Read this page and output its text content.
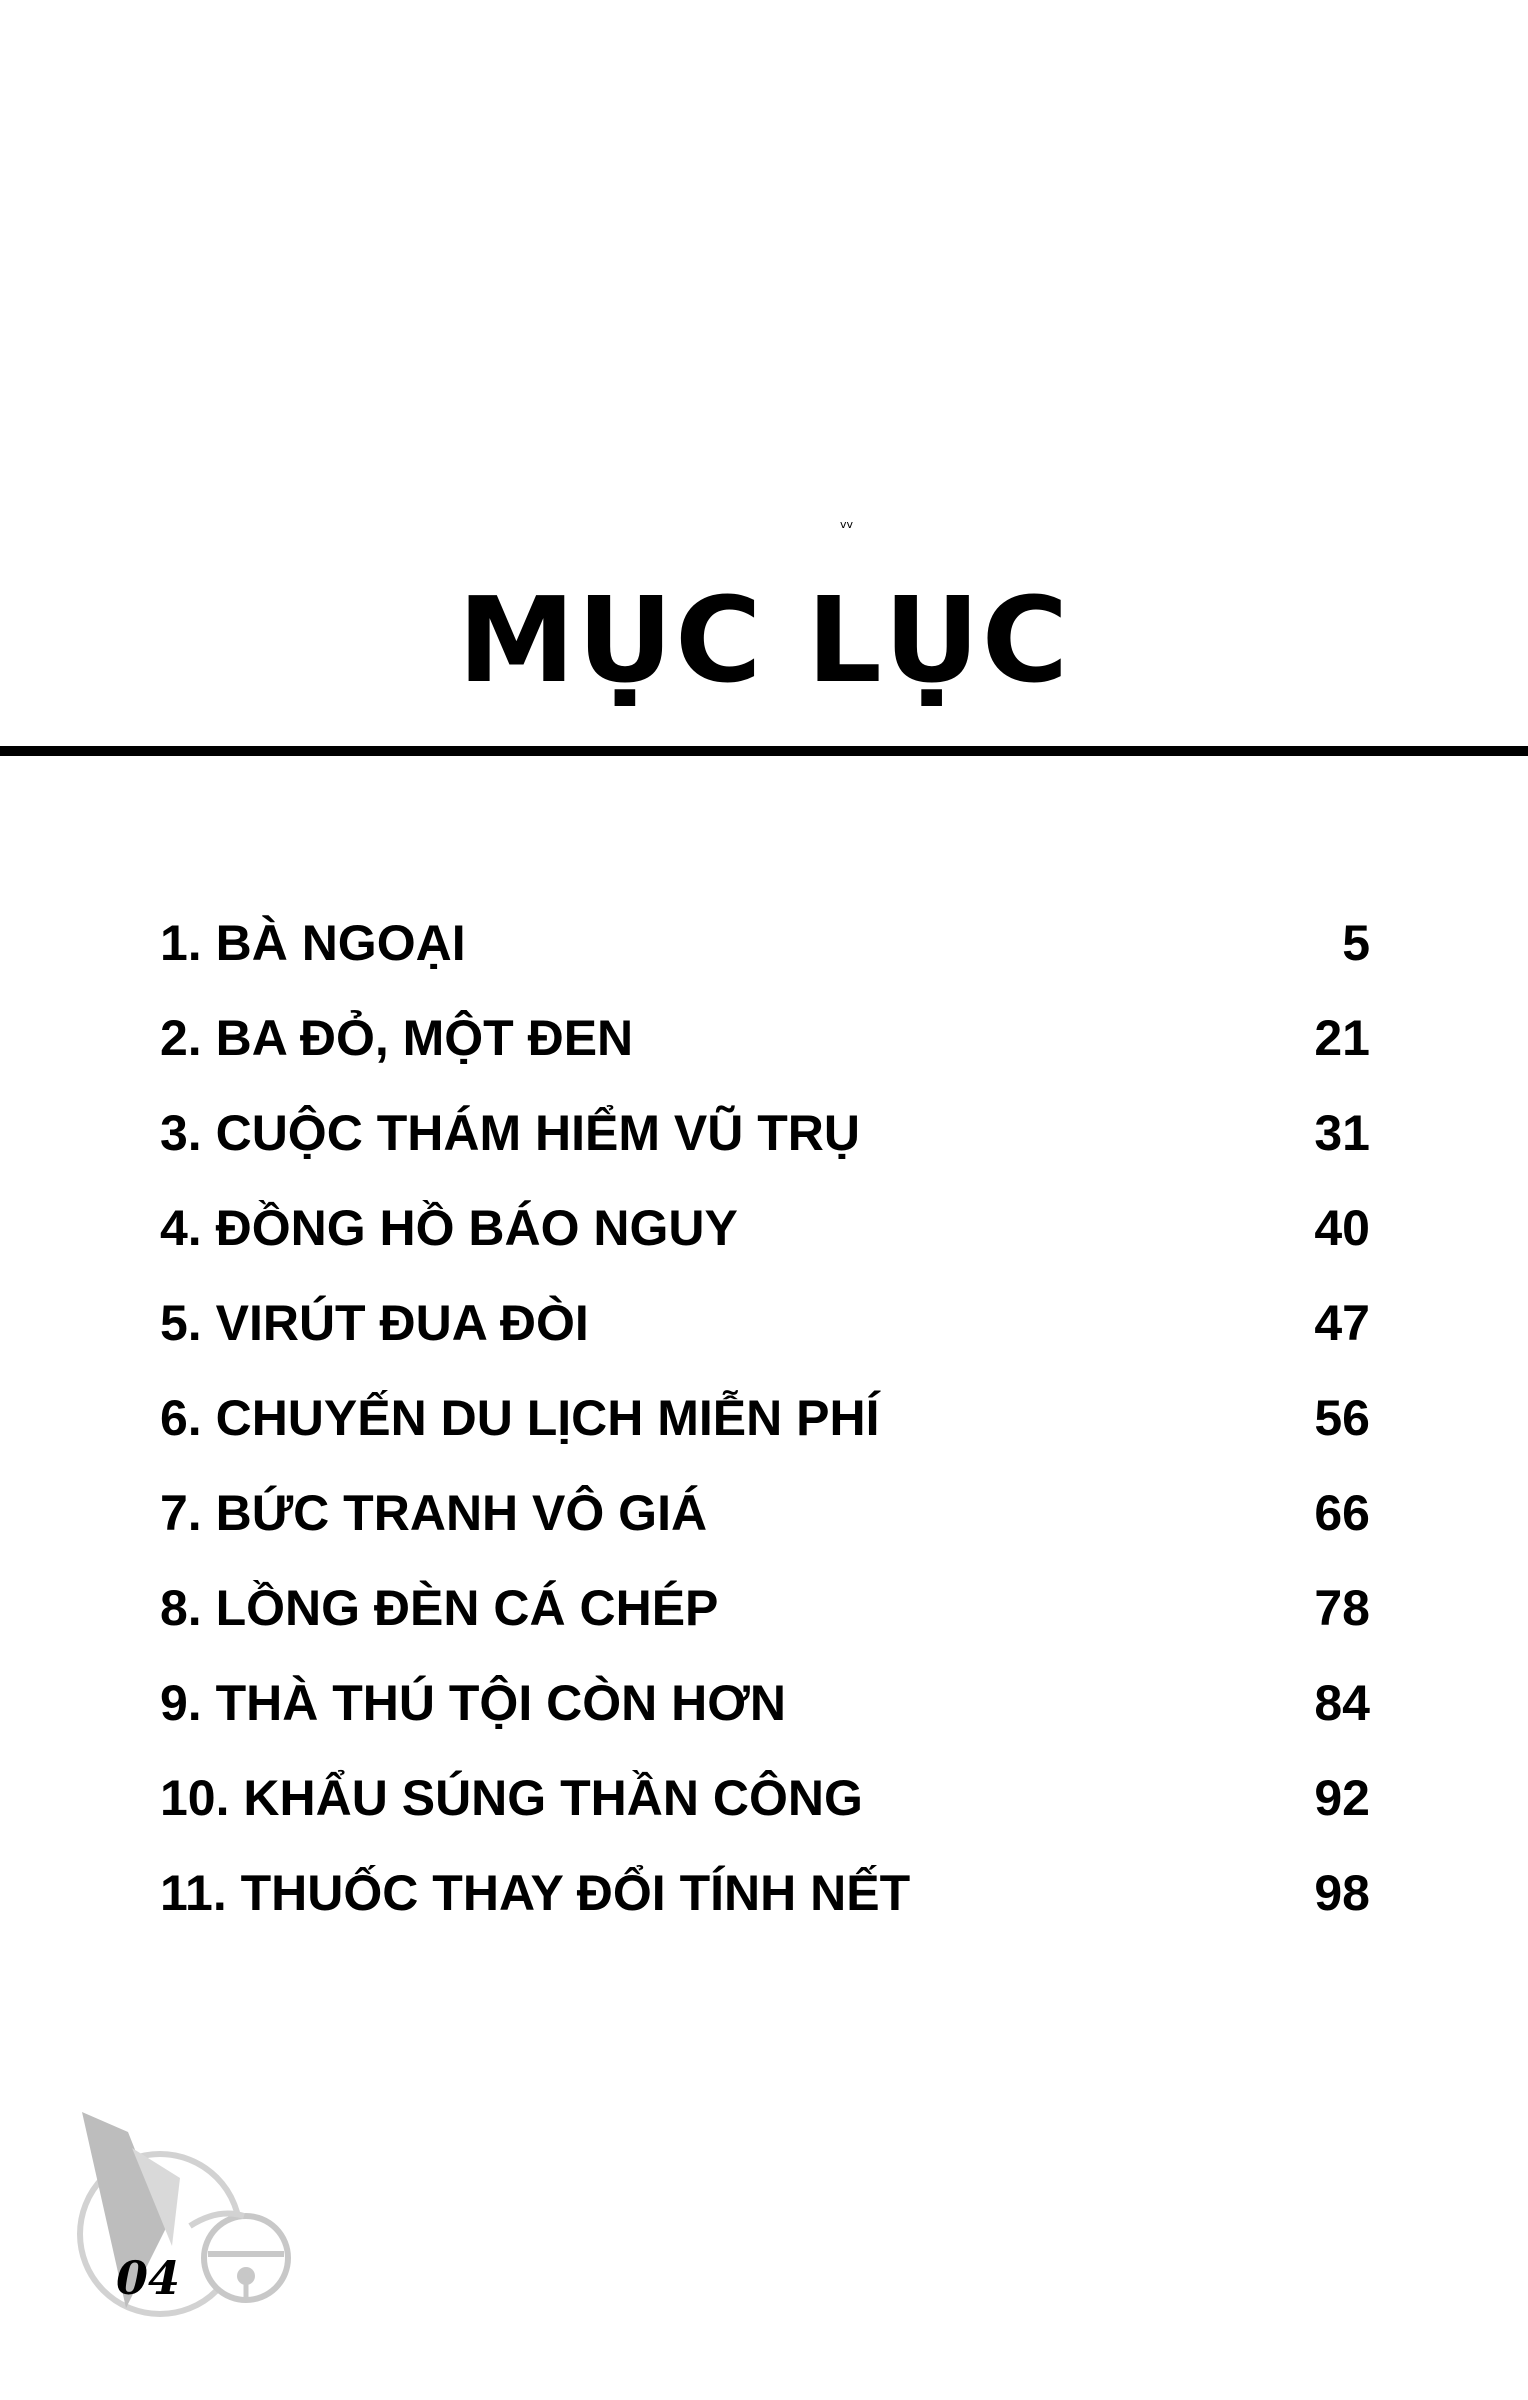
vv
MỤC LỤC
1. BÀ NGOẠI	5
2. BA ĐỎ, MỘT ĐEN	21
3. CUỘC THÁM HIỂM VŨ TRỤ	31
4. ĐỒNG HỒ BÁO NGUY	40
5. VIRÚT ĐUA ĐÒI	47
6. CHUYẾN DU LỊCH MIỄN PHÍ	56
7. BỨC TRANH VÔ GIÁ	66
8. LỒNG ĐÈN CÁ CHÉP	78
9. THÀ THÚ TỘI CÒN HƠN	84
10. KHẨU SÚNG THẦN CÔNG	92
11. THUỐC THAY ĐỔI TÍNH NẾT	98
04
